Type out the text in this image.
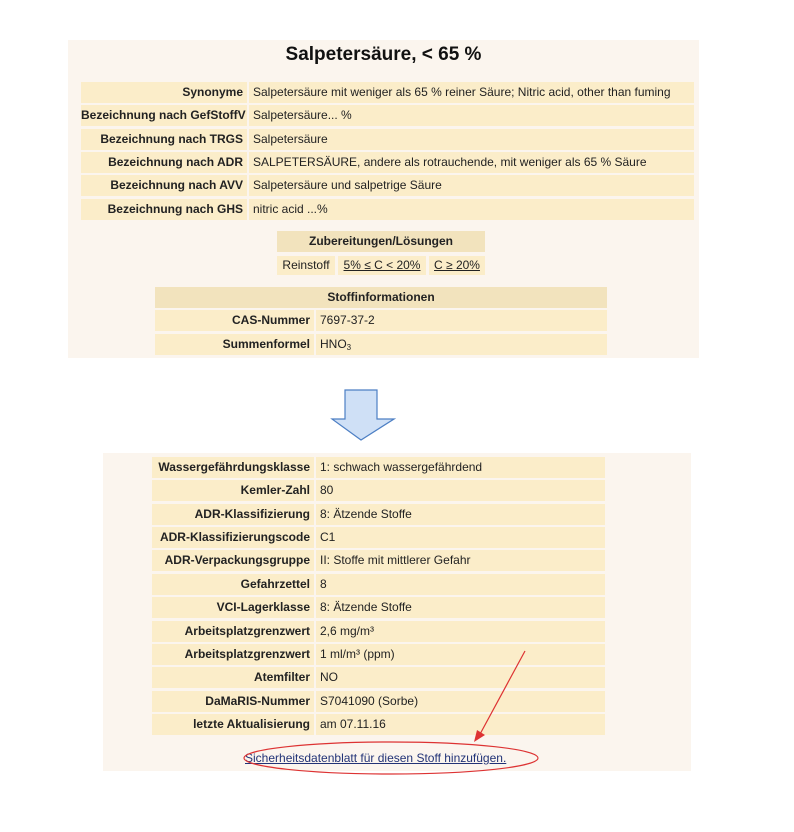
Salpetersäure, < 65 %
Synonyme Salpetersäure mit weniger als 65 % reiner Säure; Nitric acid, other than fuming
Bezeichnung nach GefStoffV Salpetersäure... %
Bezeichnung nach TRGS Salpetersäure
Bezeichnung nach ADR SALPETERSÄURE, andere als rotrauchende, mit weniger als 65 % Säure
Bezeichnung nach AVV Salpetersäure und salpetrige Säure
Bezeichnung nach GHS nitric acid ...%
Zubereitungen/Lösungen
Reinstoff	5% ≤ C < 20%	C ≥ 20%
Stoffinformationen
CAS-Nummer 7697-37-2
Summenformel $HNO_3$
Wassergefährdungsklasse 1: schwach wassergefährdend
Kemler-Zahl 80
ADR-Klassifizierung 8: Ätzende Stoffe
ADR-Klassifizierungscode C1
ADR-Verpackungsgruppe II: Stoffe mit mittlerer Gefahr
Gefahrzettel 8
VCI-Lagerklasse 8: Ätzende Stoffe
Arbeitsplatzgrenzwert 2,6 mg/m³
Arbeitsplatzgrenzwert 1 ml/m³ (ppm)
Atemfilter NO
DaMaRIS-Nummer S7041090 (Sorbe)
letzte Aktualisierung am 07.11.16
Sicherheitsdatenblatt für diesen Stoff hinzufügen.
